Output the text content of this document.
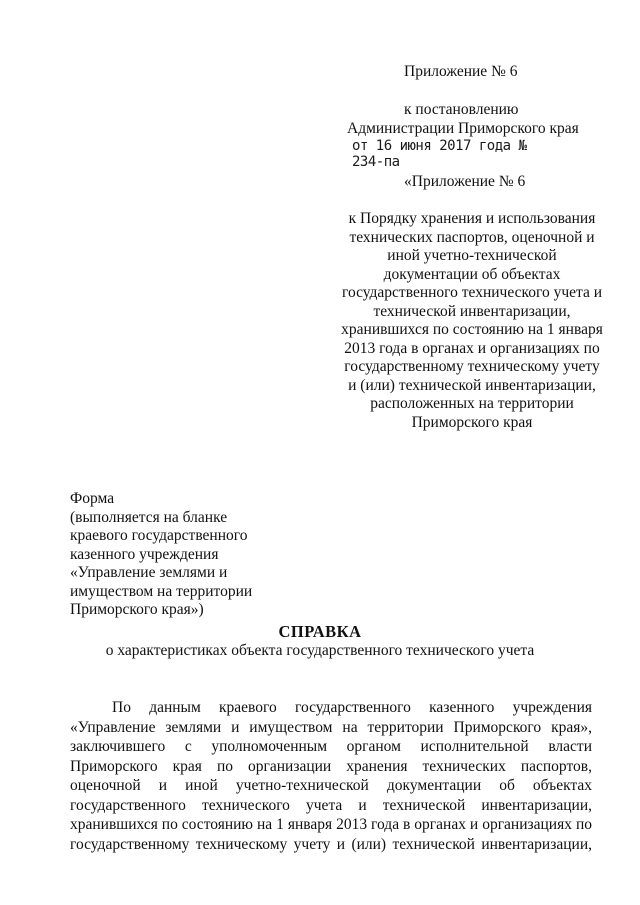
Приложение № 6
к постановлению
Администрации Приморского края
от 16 июня 2017 года № 234-па
«Приложение № 6
к Порядку хранения и использования
технических паспортов, оценочной и
иной учетно-технической
документации об объектах
государственного технического учета и
технической инвентаризации,
хранившихся по состоянию на 1 января
2013 года в органах и организациях по
государственному техническому учету
и (или) технической инвентаризации,
расположенных на территории
Приморского края
Форма
(выполняется на бланке
краевого государственного
казенного учреждения
«Управление землями и
имуществом на территории
Приморского края»)
СПРАВКА
о характеристиках объекта государственного технического учета
По данным краевого государственного казенного учреждения
«Управление землями и имуществом на территории Приморского края»,
заключившего с уполномоченным органом исполнительной власти
Приморского края по организации хранения технических паспортов,
оценочной и иной учетно-технической документации об объектах
государственного технического учета и технической инвентаризации,
хранившихся по состоянию на 1 января 2013 года в органах и организациях по
государственному техническому учету и (или) технической инвентаризации,
